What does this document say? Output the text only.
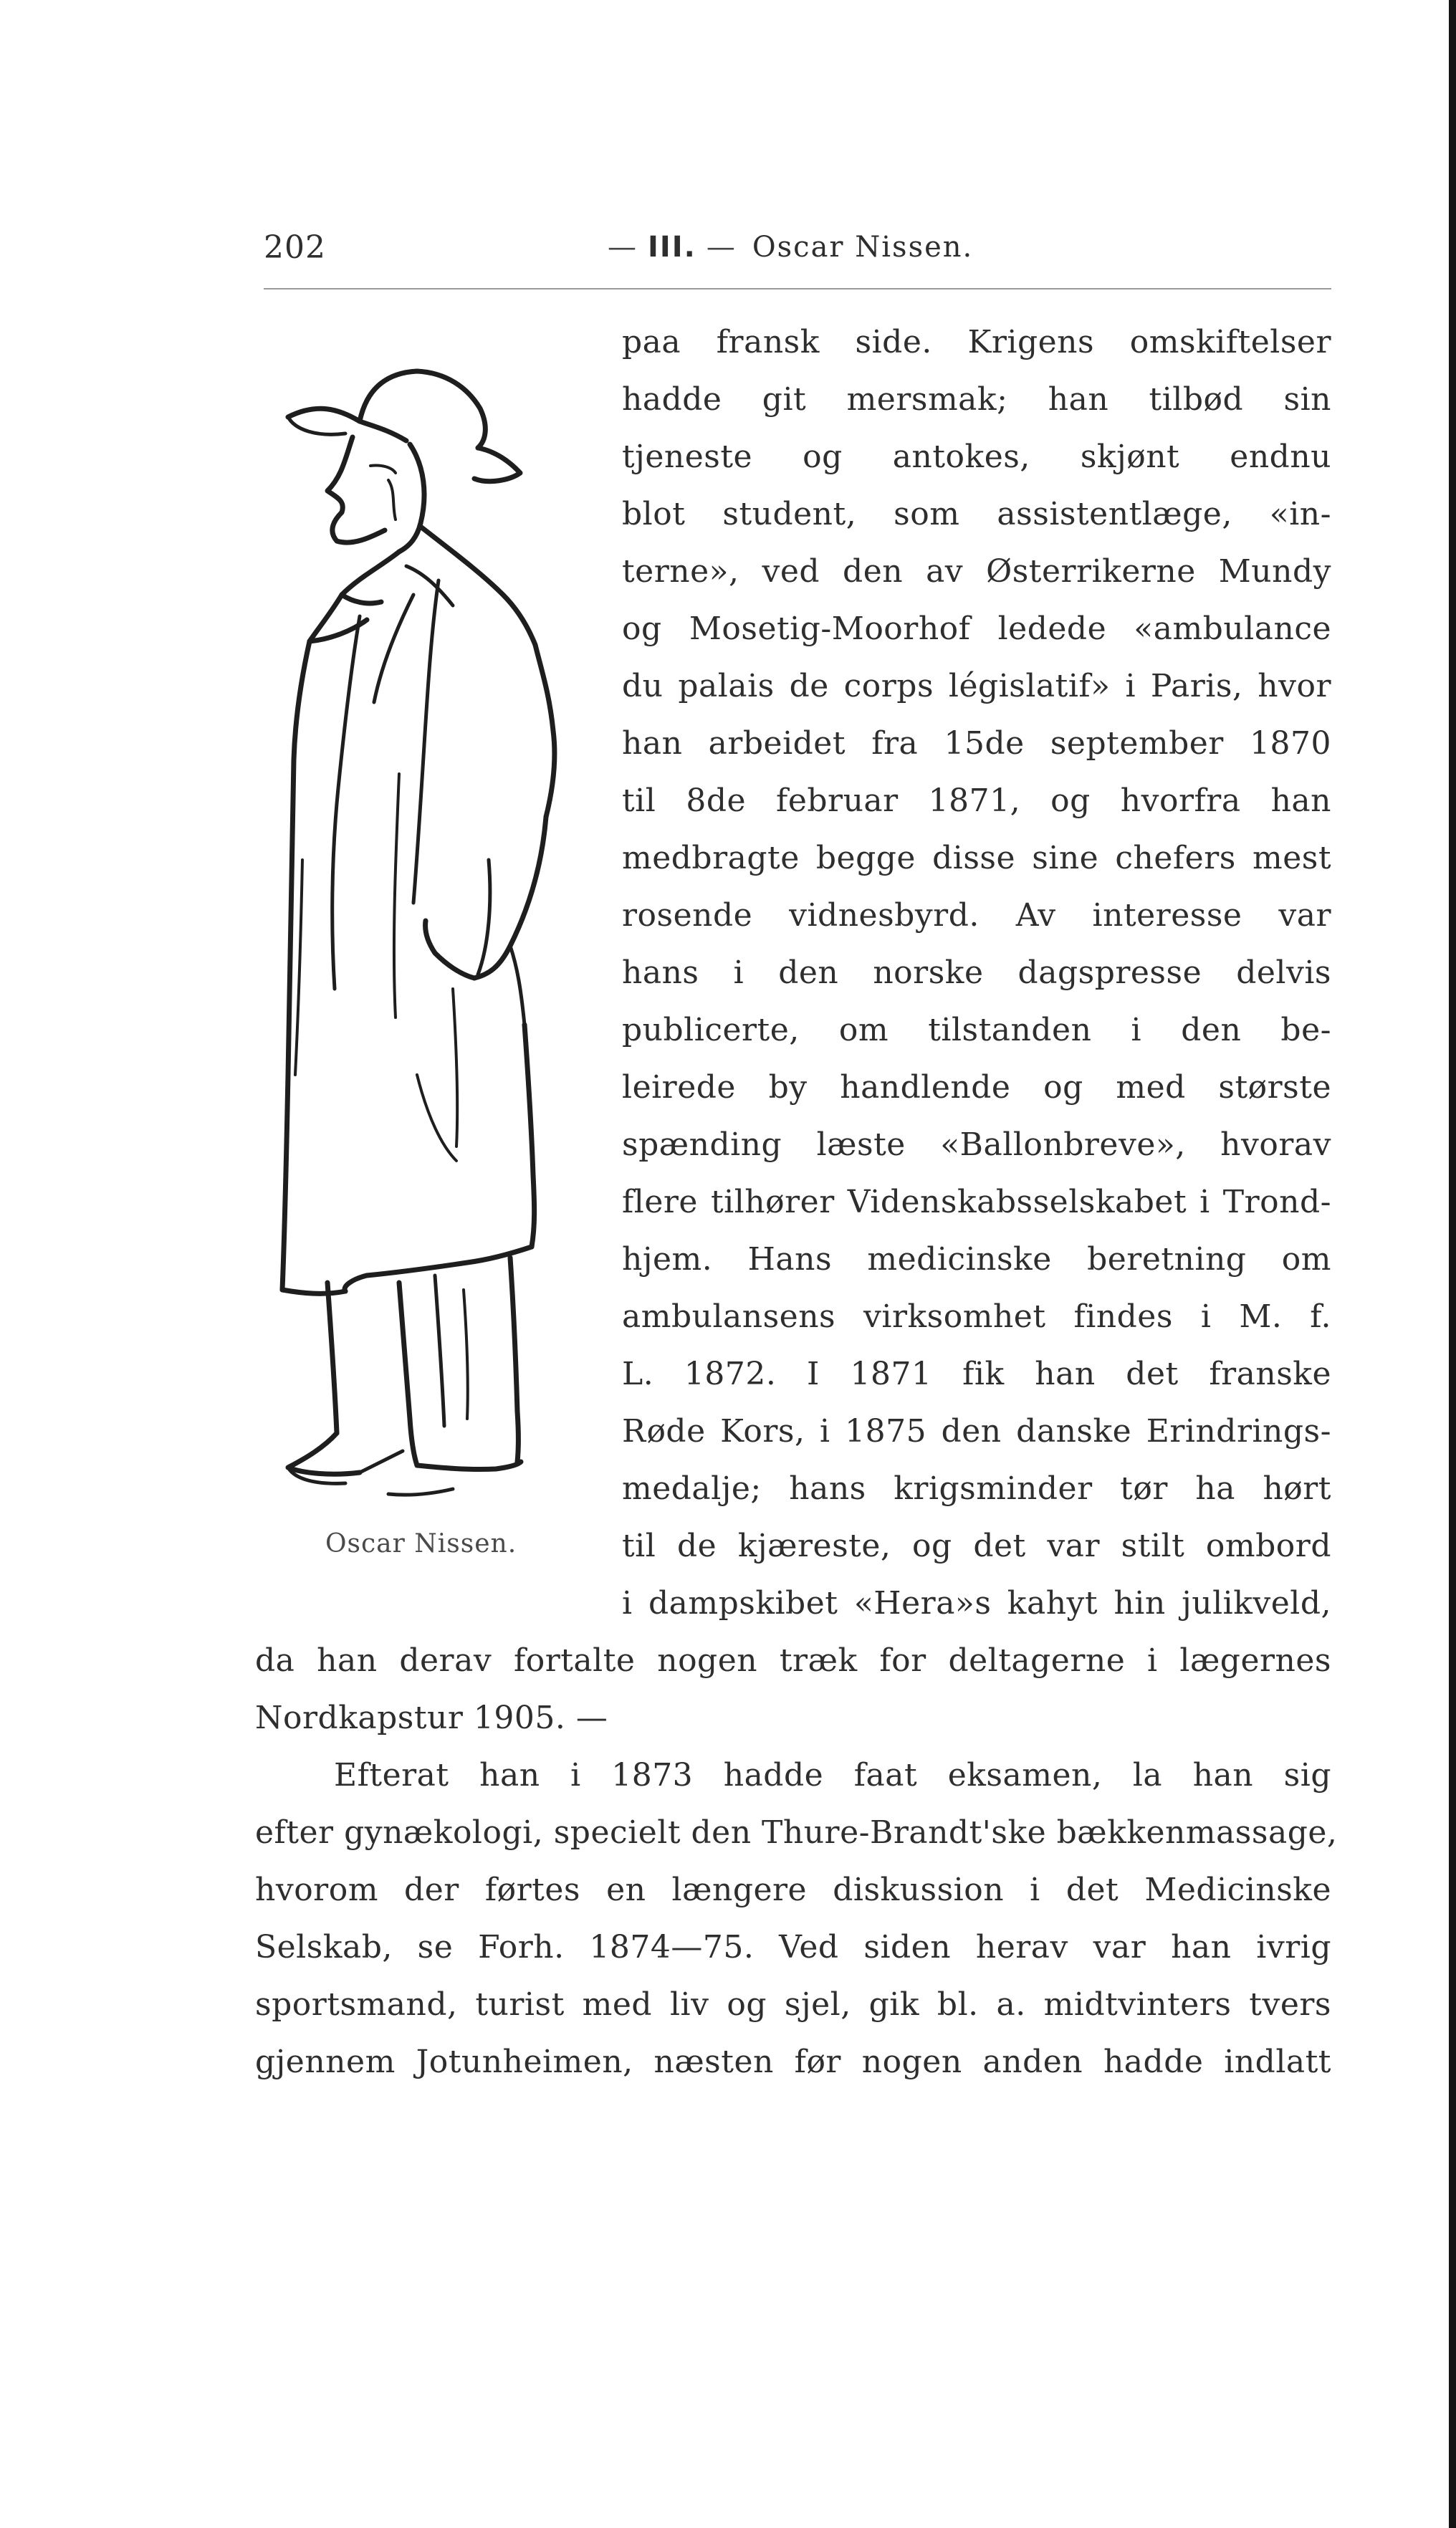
202	— III. — Oscar Nissen.
Oscar Nissen.
paa fransk side. Krigens omskiftelser
hadde git mersmak; han tilbød sin
tjeneste og antokes, skjønt endnu
blot student, som assistentlæge, «in-
terne», ved den av Østerrikerne Mundy
og Mosetig-Moorhof ledede «ambulance
du palais de corps législatif» i Paris, hvor
han arbeidet fra 15de september 1870
til 8de februar 1871, og hvorfra han
medbragte begge disse sine chefers mest
rosende vidnesbyrd. Av interesse var
hans i den norske dagspresse delvis
publicerte, om tilstanden i den be-
leirede by handlende og med største
spænding læste «Ballonbreve», hvorav
flere tilhører Videnskabsselskabet i Trond-
hjem. Hans medicinske beretning om
ambulansens virksomhet findes i M. f.
L. 1872. I 1871 fik han det franske
Røde Kors, i 1875 den danske Erindrings-
medalje; hans krigsminder tør ha hørt
til de kjæreste, og det var stilt ombord
i dampskibet «Hera»s kahyt hin julikveld,
da han derav fortalte nogen træk for deltagerne i lægernes
Nordkapstur 1905. —
Efterat han i 1873 hadde faat eksamen, la han sig
efter gynækologi, specielt den Thure-Brandt'ske bækkenmassage,
hvorom der førtes en længere diskussion i det Medicinske
Selskab, se Forh. 1874—75. Ved siden herav var han ivrig
sportsmand, turist med liv og sjel, gik bl. a. midtvinters tvers
gjennem Jotunheimen, næsten før nogen anden hadde indlatt
